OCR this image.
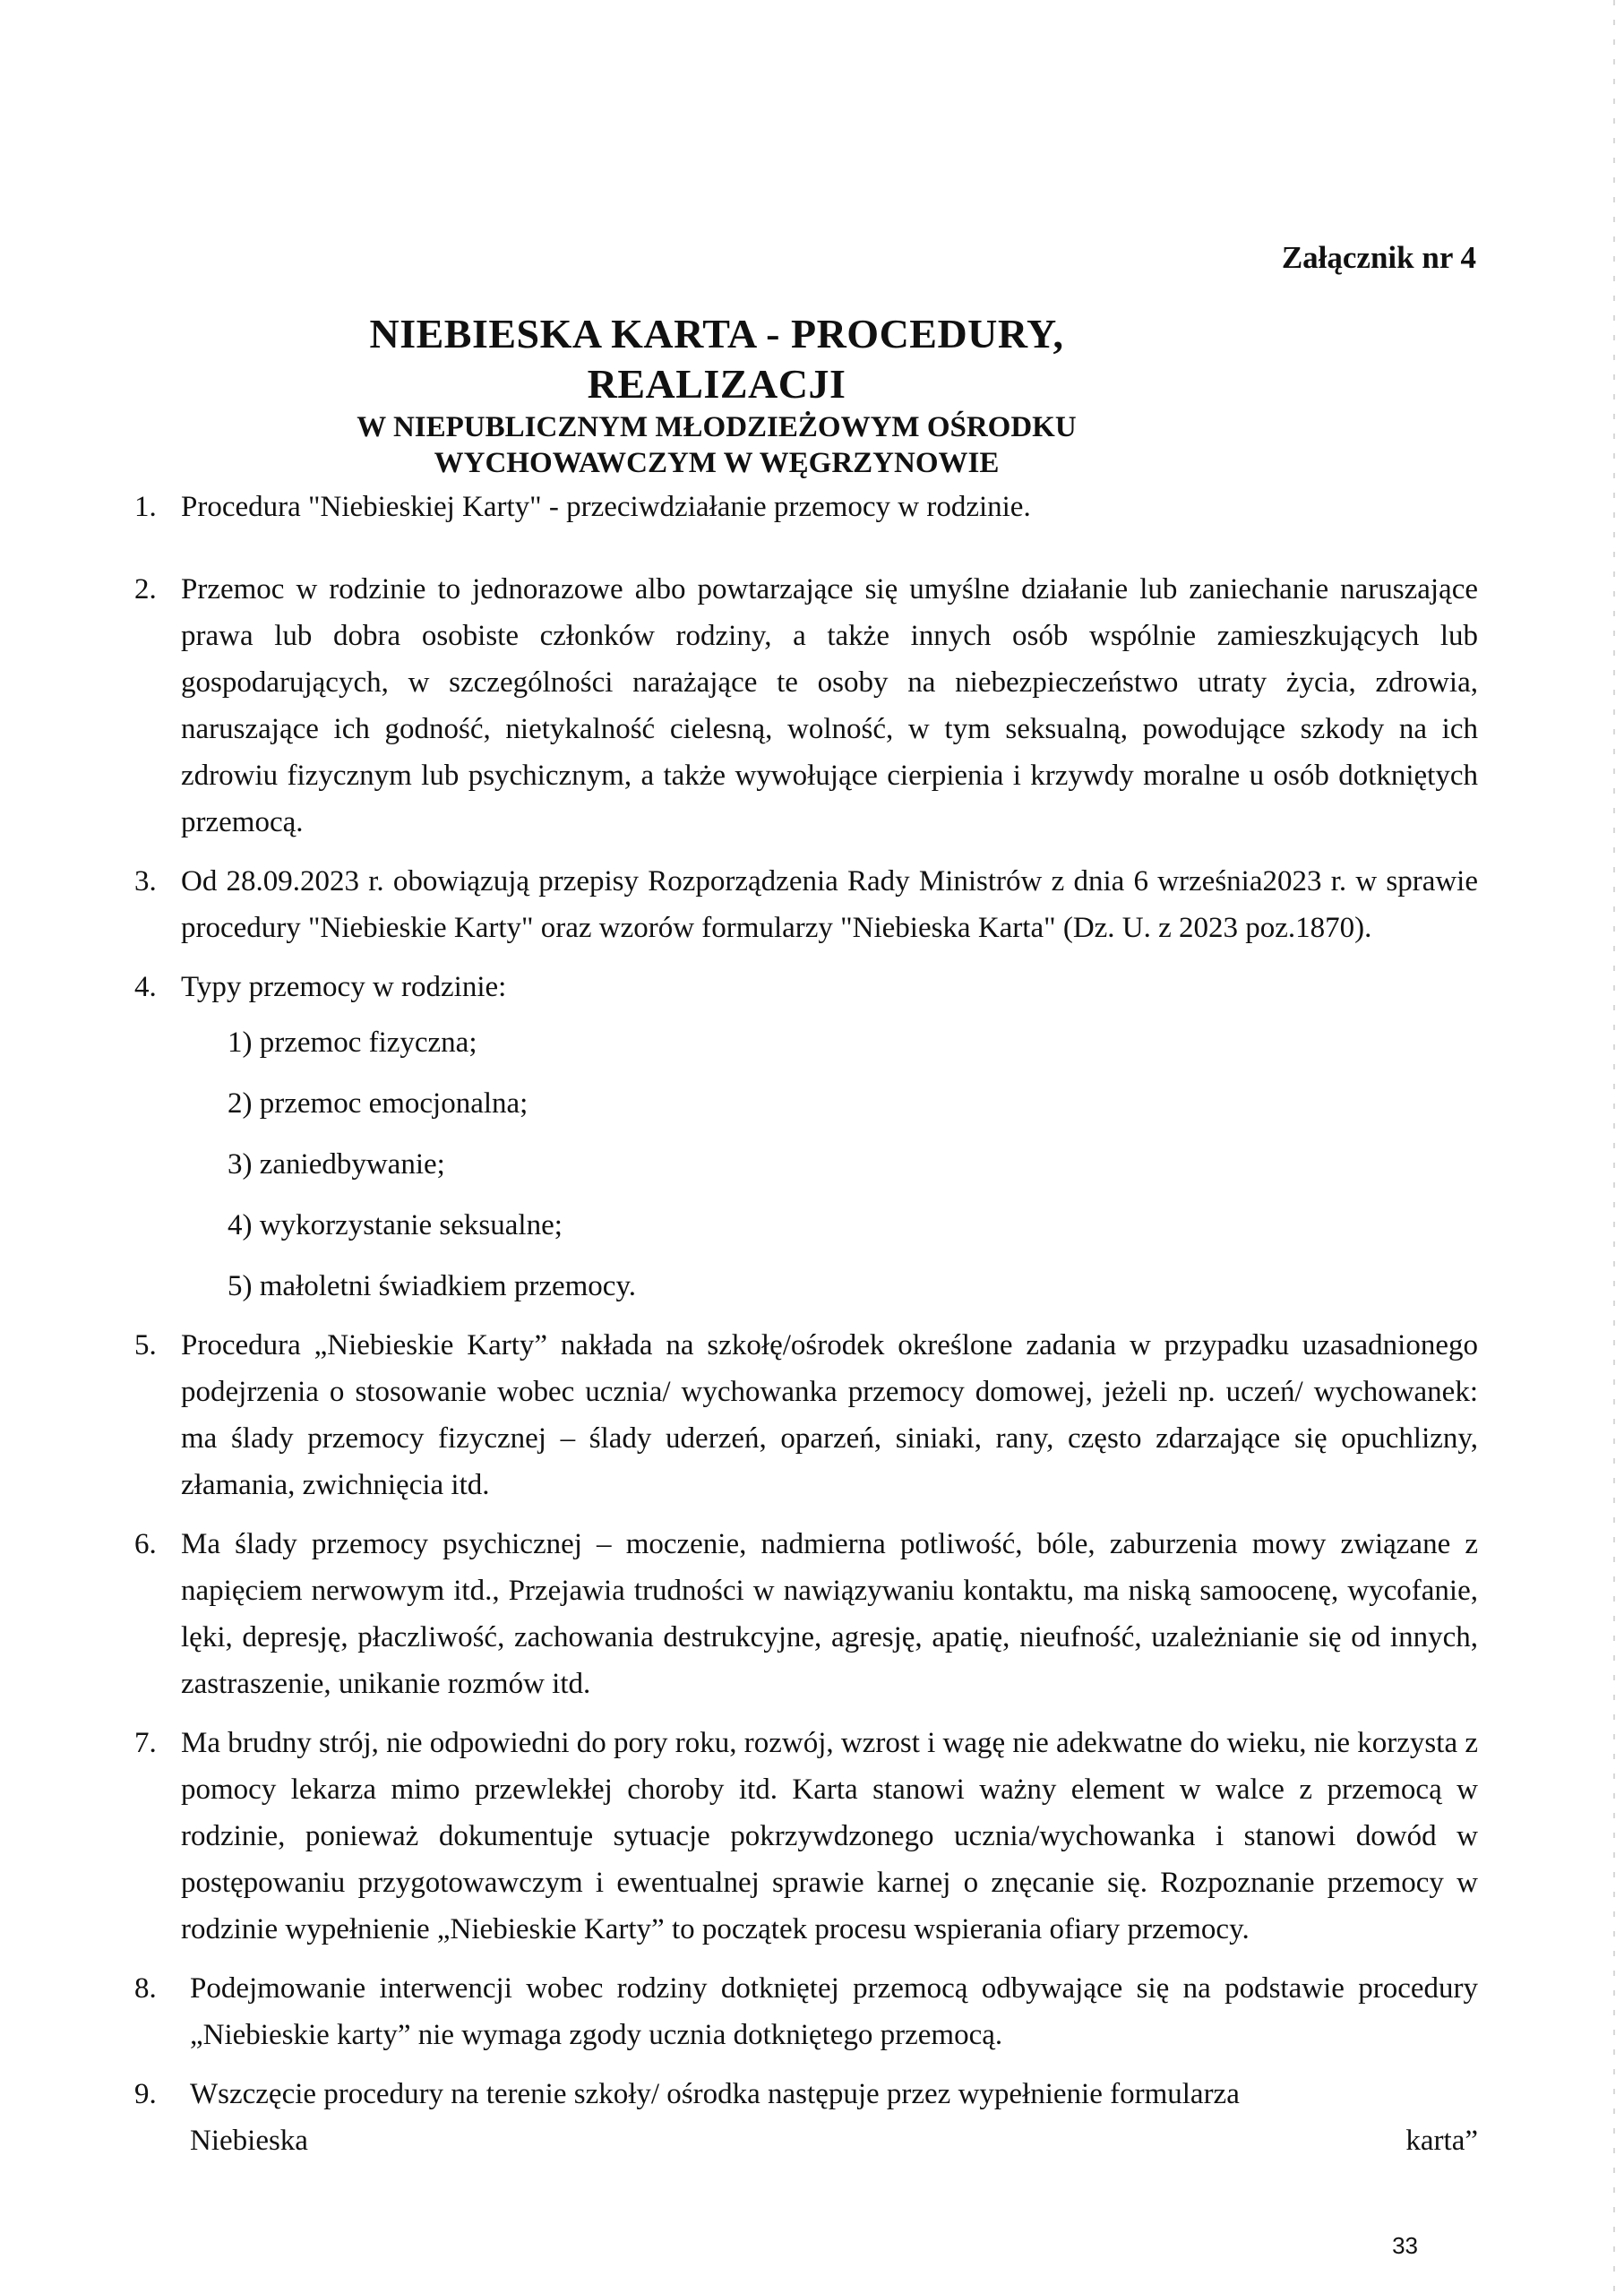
Załącznik nr 4
NIEBIESKA KARTA - PROCEDURY, REALIZACJI
W NIEPUBLICZNYM MŁODZIEŻOWYM OŚRODKU
WYCHOWAWCZYM W WĘGRZYNOWIE
1. Procedura "Niebieskiej Karty" - przeciwdziałanie przemocy w rodzinie.
2. Przemoc w rodzinie to jednorazowe albo powtarzające się umyślne działanie lub zaniechanie naruszające prawa lub dobra osobiste członków rodziny, a także innych osób wspólnie zamieszkujących lub gospodarujących, w szczególności narażające te osoby na niebezpieczeństwo utraty życia, zdrowia, naruszające ich godność, nietykalność cielesną, wolność, w tym seksualną, powodujące szkody na ich zdrowiu fizycznym lub psychicznym, a także wywołujące cierpienia i krzywdy moralne u osób dotkniętych przemocą.
3. Od 28.09.2023 r. obowiązują przepisy Rozporządzenia Rady Ministrów z dnia 6 września2023 r. w sprawie procedury "Niebieskie Karty" oraz wzorów formularzy "Niebieska Karta" (Dz. U. z 2023 poz.1870).
4. Typy przemocy w rodzinie:
1) przemoc fizyczna;
2) przemoc emocjonalna;
3) zaniedbywanie;
4) wykorzystanie seksualne;
5) małoletni świadkiem przemocy.
5. Procedura „Niebieskie Karty” nakłada na szkołę/ośrodek określone zadania w przypadku uzasadnionego podejrzenia o stosowanie wobec ucznia/ wychowanka przemocy domowej, jeżeli np. uczeń/ wychowanek: ma ślady przemocy fizycznej – ślady uderzeń, oparzeń, siniaki, rany, często zdarzające się opuchlizny, złamania, zwichnięcia itd.
6. Ma ślady przemocy psychicznej – moczenie, nadmierna potliwość, bóle, zaburzenia mowy związane z napięciem nerwowym itd., Przejawia trudności w nawiązywaniu kontaktu, ma niską samoocenę, wycofanie, lęki, depresję, płaczliwość, zachowania destrukcyjne, agresję, apatię, nieufność, uzależnianie się od innych, zastraszenie, unikanie rozmów itd.
7. Ma brudny strój, nie odpowiedni do pory roku, rozwój, wzrost i wagę nie adekwatne do wieku, nie korzysta z pomocy lekarza mimo przewlekłej choroby itd. Karta stanowi ważny element w walce z przemocą w rodzinie, ponieważ dokumentuje sytuacje pokrzywdzonego ucznia/wychowanka i stanowi dowód w postępowaniu przygotowawczym i ewentualnej sprawie karnej o znęcanie się. Rozpoznanie przemocy w rodzinie wypełnienie „Niebieskie Karty” to początek procesu wspierania ofiary przemocy.
8. Podejmowanie interwencji wobec rodziny dotkniętej przemocą odbywające się na podstawie procedury „Niebieskie karty” nie wymaga zgody ucznia dotkniętego przemocą.
9. Wszczęcie procedury na terenie szkoły/ ośrodka następuje przez wypełnienie formularza
Niebieska	karta”
33
